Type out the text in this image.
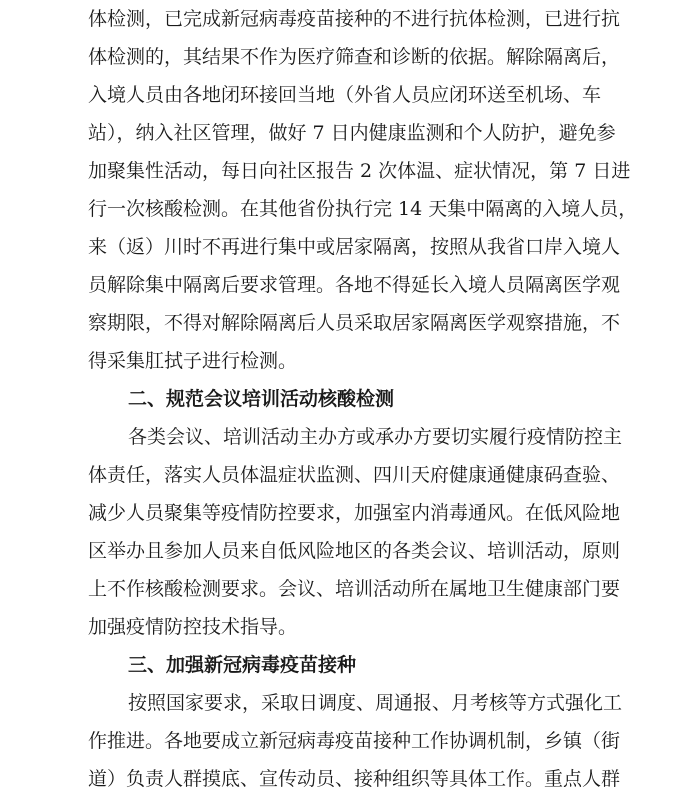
体检测，已完成新冠病毒疫苗接种的不进行抗体检测，已进行抗
体检测的，其结果不作为医疗筛查和诊断的依据。解除隔离后，
入境人员由各地闭环接回当地（外省人员应闭环送至机场、车
站），纳入社区管理，做好 7 日内健康监测和个人防护，避免参
加聚集性活动，每日向社区报告 2 次体温、症状情况，第 7 日进
行一次核酸检测。在其他省份执行完 14 天集中隔离的入境人员，
来（返）川时不再进行集中或居家隔离，按照从我省口岸入境人
员解除集中隔离后要求管理。各地不得延长入境人员隔离医学观
察期限，不得对解除隔离后人员采取居家隔离医学观察措施，不
得采集肛拭子进行检测。
二、规范会议培训活动核酸检测
各类会议、培训活动主办方或承办方要切实履行疫情防控主
体责任，落实人员体温症状监测、四川天府健康通健康码查验、
减少人员聚集等疫情防控要求，加强室内消毒通风。在低风险地
区举办且参加人员来自低风险地区的各类会议、培训活动，原则
上不作核酸检测要求。会议、培训活动所在属地卫生健康部门要
加强疫情防控技术指导。
三、加强新冠病毒疫苗接种
按照国家要求，采取日调度、周通报、月考核等方式强化工
作推进。各地要成立新冠病毒疫苗接种工作协调机制，乡镇（街
道）负责人群摸底、宣传动员、接种组织等具体工作。重点人群
